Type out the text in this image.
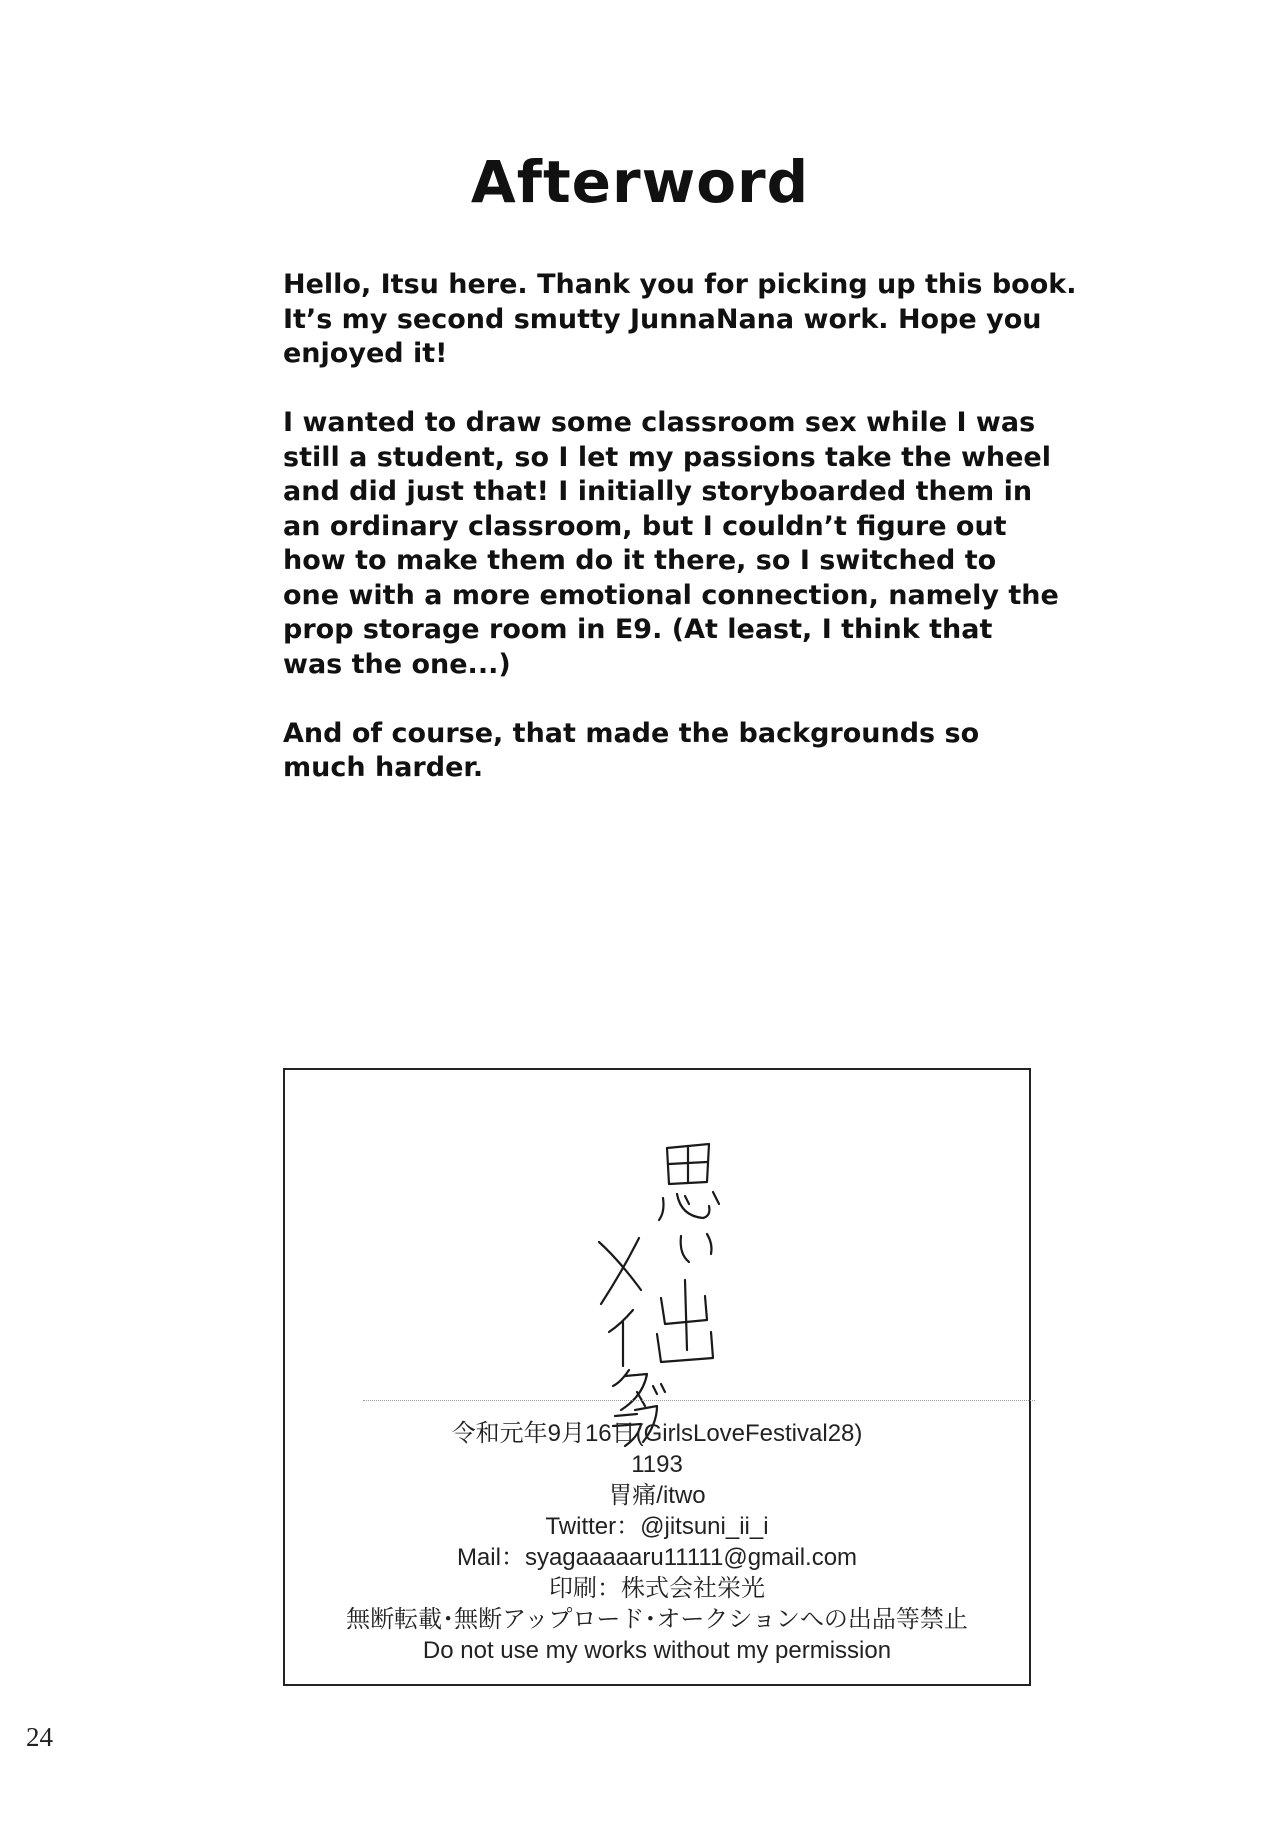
Afterword

Hello, Itsu here. Thank you for picking up this book.
It’s my second smutty JunnaNana work. Hope you
enjoyed it!

I wanted to draw some classroom sex while I was
still a student, so I let my passions take the wheel
and did just that! I initially storyboarded them in
an ordinary classroom, but I couldn’t figure out
how to make them do it there, so I switched to
one with a more emotional connection, namely the
prop storage room in E9. (At least, I think that
was the one...)

And of course, that made the backgrounds so
much harder.

令和元年9月16日(GirlsLoveFestival28)
1193
胃痛/itwo
Twitter：@jitsuni_ii_i
Mail：syagaaaaaru11111@gmail.com
印刷：株式会社栄光
無断転載･無断アップロード･オークションへの出品等禁止
Do not use my works without my permission
24
